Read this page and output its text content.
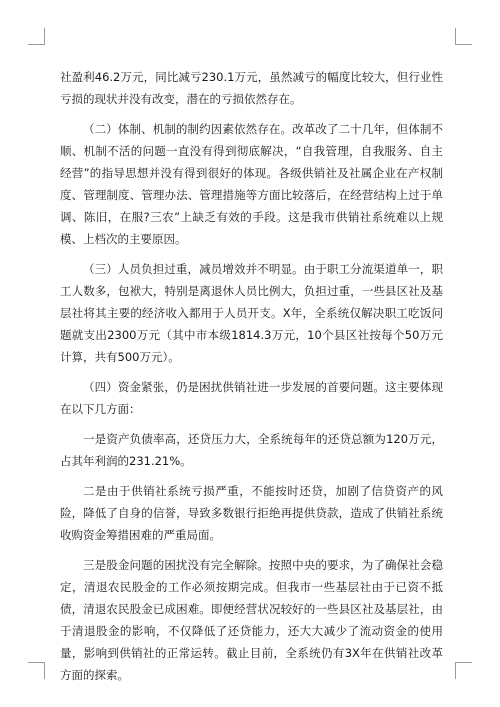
社盈利46.2万元，同比减亏230.1万元，虽然减亏的幅度比较大，但行业性亏损的现状并没有改变，潜在的亏损依然存在。

（二）体制、机制的制约因素依然存在。改革改了二十几年，但体制不顺、机制不活的问题一直没有得到彻底解决，“自我管理，自我服务、自主经营”的指导思想并没有得到很好的体现。各级供销社及社属企业在产权制度、管理制度、管理办法、管理措施等方面比较落后，在经营结构上过于单调、陈旧，在服?三农”上缺乏有效的手段。这是我市供销社系统难以上规模、上档次的主要原因。

（三）人员负担过重，减员增效并不明显。由于职工分流渠道单一，职工人数多，包袱大，特别是离退休人员比例大，负担过重，一些县区社及基层社将其主要的经济收入都用于人员开支。X年，全系统仅解决职工吃饭问题就支出2300万元（其中市本级1814.3万元，10个县区社按每个50万元计算，共有500万元）。

（四）资金紧张，仍是困扰供销社进一步发展的首要问题。这主要体现在以下几方面：

一是资产负债率高，还贷压力大，全系统每年的还贷总额为120万元，占其年利润的231.21%。

二是由于供销社系统亏损严重，不能按时还贷，加剧了信贷资产的风险，降低了自身的信誉，导致多数银行拒绝再提供贷款，造成了供销社系统收购资金筹措困难的严重局面。

三是股金问题的困扰没有完全解除。按照中央的要求，为了确保社会稳定，清退农民股金的工作必须按期完成。但我市一些基层社由于已资不抵债，清退农民股金已成困难。即便经营状况较好的一些县区社及基层社，由于清退股金的影响，不仅降低了还贷能力，还大大减少了流动资金的使用量，影响到供销社的正常运转。截止目前，全系统仍有3X年在供销社改革方面的探索。
